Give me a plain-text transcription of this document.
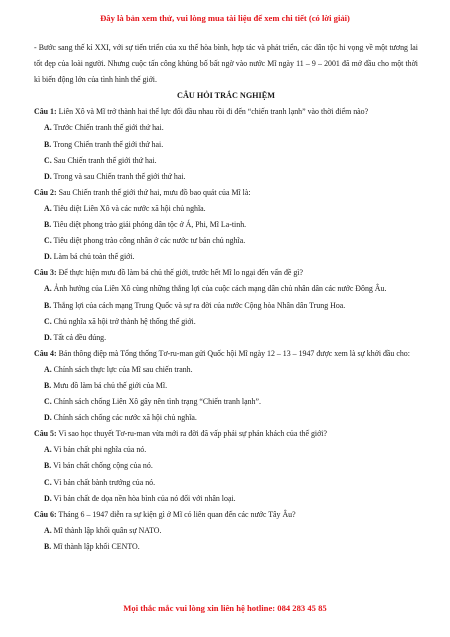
Đây là bản xem thử, vui lòng mua tài liệu để xem chi tiết (có lời giải)

- Bước sang thế kỉ XXI, với sự tiến triển của xu thế hòa bình, hợp tác và phát triển, các dân tộc hi vọng về một tương lai tốt đẹp của loài người. Nhưng cuộc tấn công khủng bố bất ngờ vào nước Mĩ ngày 11 – 9 – 2001 đã mở đầu cho một thời kì biến động lớn của tình hình thế giới.

CÂU HỎI TRẮC NGHIỆM

Câu 1: Liên Xô và Mĩ trở thành hai thế lực đối đầu nhau rồi đi đến “chiến tranh lạnh” vào thời điểm nào?

A. Trước Chiến tranh thế giới thứ hai.

B. Trong Chiến tranh thế giới thứ hai.

C. Sau Chiến tranh thế giới thứ hai.

D. Trong và sau Chiến tranh thế giới thứ hai.

Câu 2: Sau Chiến tranh thế giới thứ hai, mưu đồ bao quát của Mĩ là:

A. Tiêu diệt Liên Xô và các nước xã hội chủ nghĩa.

B. Tiêu diệt phong trào giải phóng dân tộc ở Á, Phi, Mĩ La-tinh.

C. Tiêu diệt phong trào công nhân ở các nước tư bản chủ nghĩa.

D. Làm bá chủ toàn thế giới.

Câu 3: Để thực hiện mưu đồ làm bá chủ thế giới, trước hết Mĩ lo ngại đến vấn đề gì?

A. Ảnh hưởng của Liên Xô cùng những thắng lợi của cuộc cách mạng dân chủ nhân dân các nước Đông Âu.

B. Thắng lợi của cách mạng Trung Quốc và sự ra đời của nước Cộng hòa Nhân dân Trung Hoa.

C. Chủ nghĩa xã hội trở thành hệ thống thế giới.

D. Tất cả đều đúng.

Câu 4: Bản thông điệp mà Tổng thống Tơ-ru-man gửi Quốc hội Mĩ ngày 12 – 13 – 1947 được xem là sự khởi đầu cho:

A. Chính sách thực lực của Mĩ sau chiến tranh.

B. Mưu đồ làm bá chủ thế giới của Mĩ.

C. Chính sách chống Liên Xô gây nên tình trạng “Chiến tranh lạnh”.

D. Chính sách chống các nước xã hội chủ nghĩa.

Câu 5: Vì sao học thuyết Tơ-ru-man vừa mới ra đời đã vấp phải sự phản khách của thế giới?

A. Vì bản chất phi nghĩa của nó.

B. Vì bản chất chống cộng của nó.

C. Vì bản chất bành trướng của nó.

D. Vì bản chất đe dọa nền hòa bình của nó đối với nhân loại.

Câu 6: Tháng 6 – 1947 diễn ra sự kiện gì ở Mĩ có liên quan đến các nước Tây Âu?

A. Mĩ thành lập khối quân sự NATO.

B. Mĩ thành lập khối CENTO.

Mọi thắc mắc vui lòng xin liên hệ hotline: 084 283 45 85
